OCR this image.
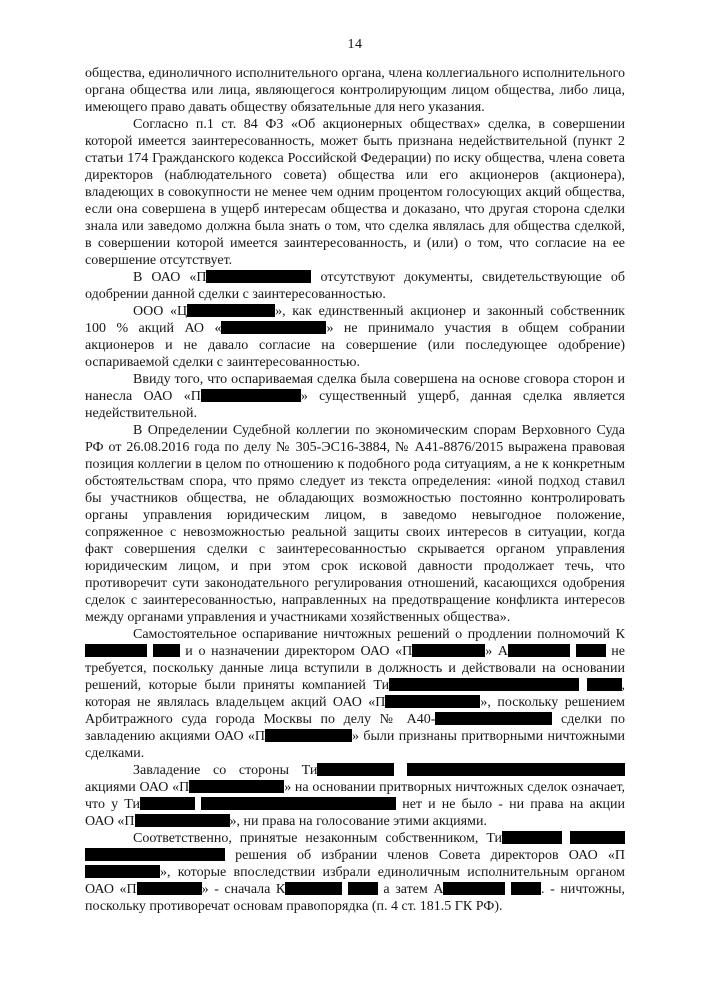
14

общества, единоличного исполнительного органа, члена коллегиального исполнительного органа общества или лица, являющегося контролирующим лицом общества, либо лица, имеющего право давать обществу обязательные для него указания.

Согласно п.1 ст. 84 ФЗ «Об акционерных обществах» сделка, в совершении которой имеется заинтересованность, может быть признана недействительной (пункт 2 статьи 174 Гражданского кодекса Российской Федерации) по иску общества, члена совета директоров (наблюдательного совета) общества или его акционеров (акционера), владеющих в совокупности не менее чем одним процентом голосующих акций общества, если она совершена в ущерб интересам общества и доказано, что другая сторона сделки знала или заведомо должна была знать о том, что сделка являлась для общества сделкой, в совершении которой имеется заинтересованность, и (или) о том, что согласие на ее совершение отсутствует.

В ОАО «П	отсутствуют документы, свидетельствующие об одобрении данной сделки с заинтересованностью.

ООО «Ц	», как единственный акционер и законный собственник 100 % акций АО «	» не принимало участия в общем собрании акционеров и не давало согласие на совершение (или последующее одобрение) оспариваемой сделки с заинтересованностью.

Ввиду того, что оспариваемая сделка была совершена на основе сговора сторон и нанесла ОАО «П	» существенный ущерб, данная сделка является недействительной.

В Определении Судебной коллегии по экономическим спорам Верховного Суда РФ от 26.08.2016 года по делу № 305-ЭС16-3884, № А41-8876/2015 выражена правовая позиция коллегии в целом по отношению к подобного рода ситуациям, а не к конкретным обстоятельствам спора, что прямо следует из текста определения: «иной подход ставил бы участников общества, не обладающих возможностью постоянно контролировать органы управления юридическим лицом, в заведомо невыгодное положение, сопряженное с невозможностью реальной защиты своих интересов в ситуации, когда факт совершения сделки с заинтересованностью скрывается органом управления юридическим лицом, и при этом срок исковой давности продолжает течь, что противоречит сути законодательного регулирования отношений, касающихся одобрения сделок с заинтересованностью, направленных на предотвращение конфликта интересов между органами управления и участниками хозяйственных общества».

Самостоятельное оспаривание ничтожных решений о продлении полномочий К  и о назначении директором ОАО «П	» А	не требуется, поскольку данные лица вступили в должность и действовали на основании решений, которые были приняты компанией Ти	, которая не являлась владельцем акций ОАО «П	», поскольку решением Арбитражного суда города Москвы по делу № А40-	сделки по завладению акциями ОАО «П	» были признаны притворными ничтожными сделками.

Завладение со стороны Ти акциями ОАО «П	» на основании притворных ничтожных сделок означает, что у Ти	нет и не было - ни права на акции ОАО «П	», ни права на голосование этими акциями.

Соответственно, принятые незаконным собственником, Ти   решения об избрании членов Совета директоров ОАО «П», которые впоследствии избрали единоличным исполнительным органом ОАО «П	» - сначала К	а затем А	. - ничтожны, поскольку противоречат основам правопорядка (п. 4 ст. 181.5 ГК РФ).
